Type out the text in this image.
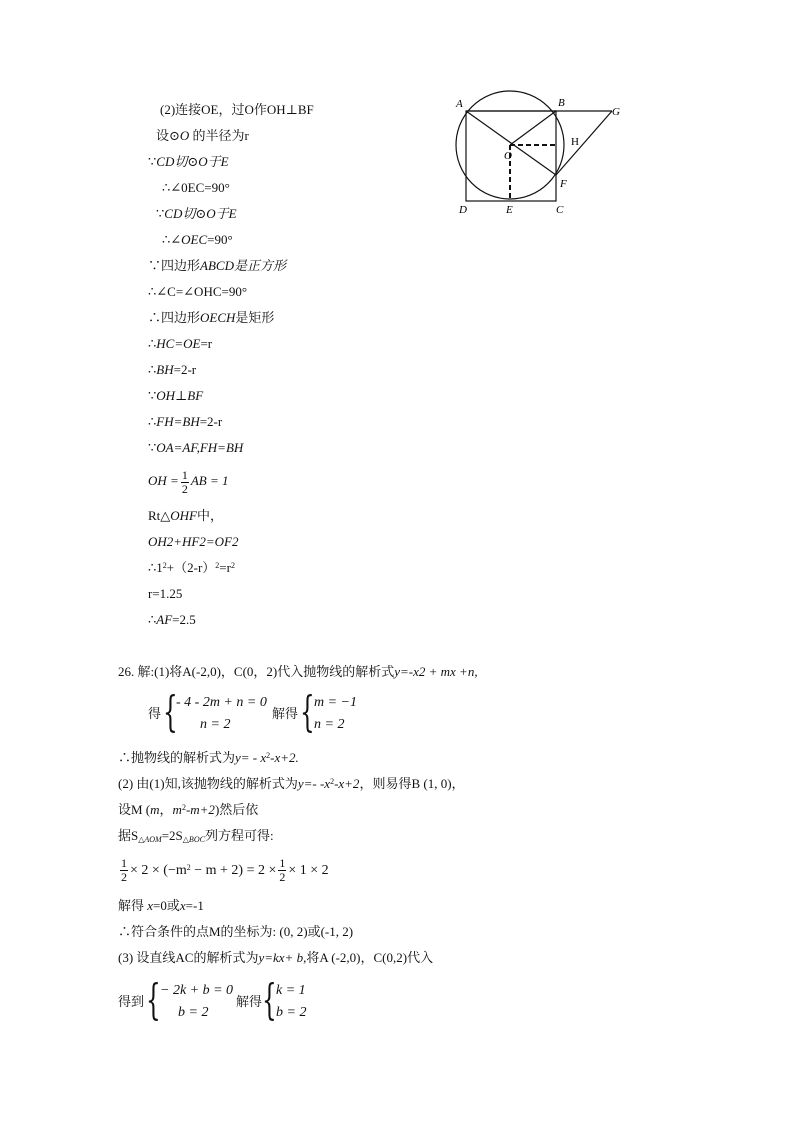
(2)连接OE，过O作OH⊥BF
设⊙O 的半径为r
∵CD切⊙O于E
∴∠0EC=90°
∵CD切⊙O于E
∴∠OEC=90°
∵四边形ABCD是正方形
∴∠C=∠OHC=90°
∴四边形OECH是矩形
∴HC=OE=r
∴BH=2-r
∵OH⊥BF
∴FH=BH=2-r
∵OA=AF,FH=BH
OH = $\frac{1}{2}$ AB = 1
Rt△OHF中，
OH2+HF2=OF2
$\therefore 1^2+(2-r)^2=r^2$
r=1.25
∴AF=2.5
A	B
G
O
H
F
D	E	C
26. 解:(1)将A(-2,0)，C(0，2)代入抛物线的解析式y=-x2 + mx +n,
得 {
- 4 - 2m + n = 0
n = 2
解得 { m = −1
n = 2
∴抛物线的解析式为$y= - x^2-x+2$.
(2) 由(1)知,该抛物线的解析式为y=- $-x^2-x+2$，则易得B (1, 0)，
设M (m，$m^2-m+2$)然后依
据$S_{\triangle AOM}=2S_{\triangle BOC}$列方程可得:
$\frac{1}{2} \times 2 \times (-m^2 - m + 2) = 2 \times \frac{1}{2} \times 1 \times 2$
解得 x=0或x=-1
∴符合条件的点M的坐标为: (0, 2)或(-1, 2)
(3) 设直线AC的解析式为y=kx+ b,将A (-2,0)，C(0,2)代入
得到 { − 2k + b = 0
b = 2
解得 { k = 1
b = 2
